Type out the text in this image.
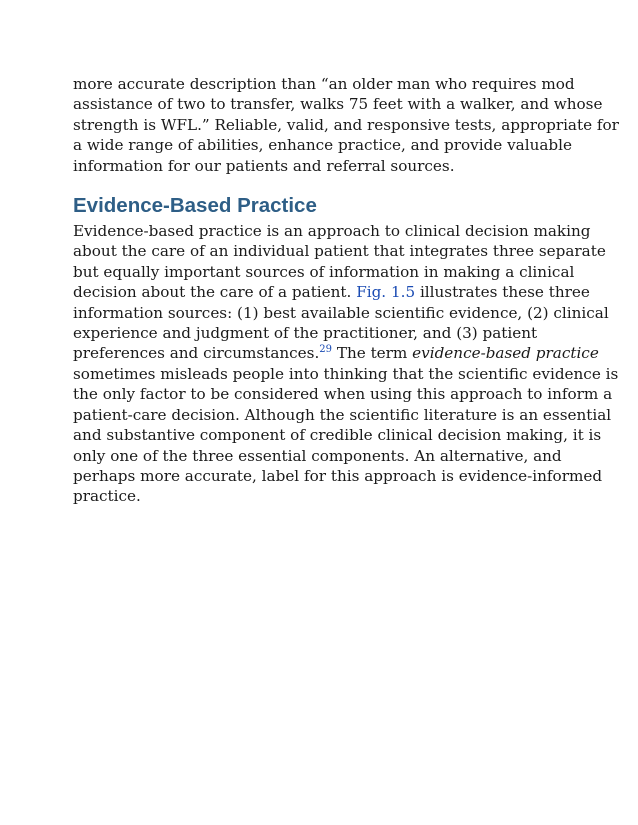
more accurate description than “an older man who requires mod
assistance of two to transfer, walks 75 feet with a walker, and whose
strength is WFL.” Reliable, valid, and responsive tests, appropriate for
a wide range of abilities, enhance practice, and provide valuable
information for our patients and referral sources.

Evidence-Based Practice

Evidence-based practice is an approach to clinical decision making
about the care of an individual patient that integrates three separate
but equally important sources of information in making a clinical
decision about the care of a patient. Fig. 1.5 illustrates these three
information sources: (1) best available scientific evidence, (2) clinical
experience and judgment of the practitioner, and (3) patient
preferences and circumstances.$^{29}$ The term evidence-based practice
sometimes misleads people into thinking that the scientific evidence is
the only factor to be considered when using this approach to inform a
patient-care decision. Although the scientific literature is an essential
and substantive component of credible clinical decision making, it is
only one of the three essential components. An alternative, and
perhaps more accurate, label for this approach is evidence-informed
practice.
